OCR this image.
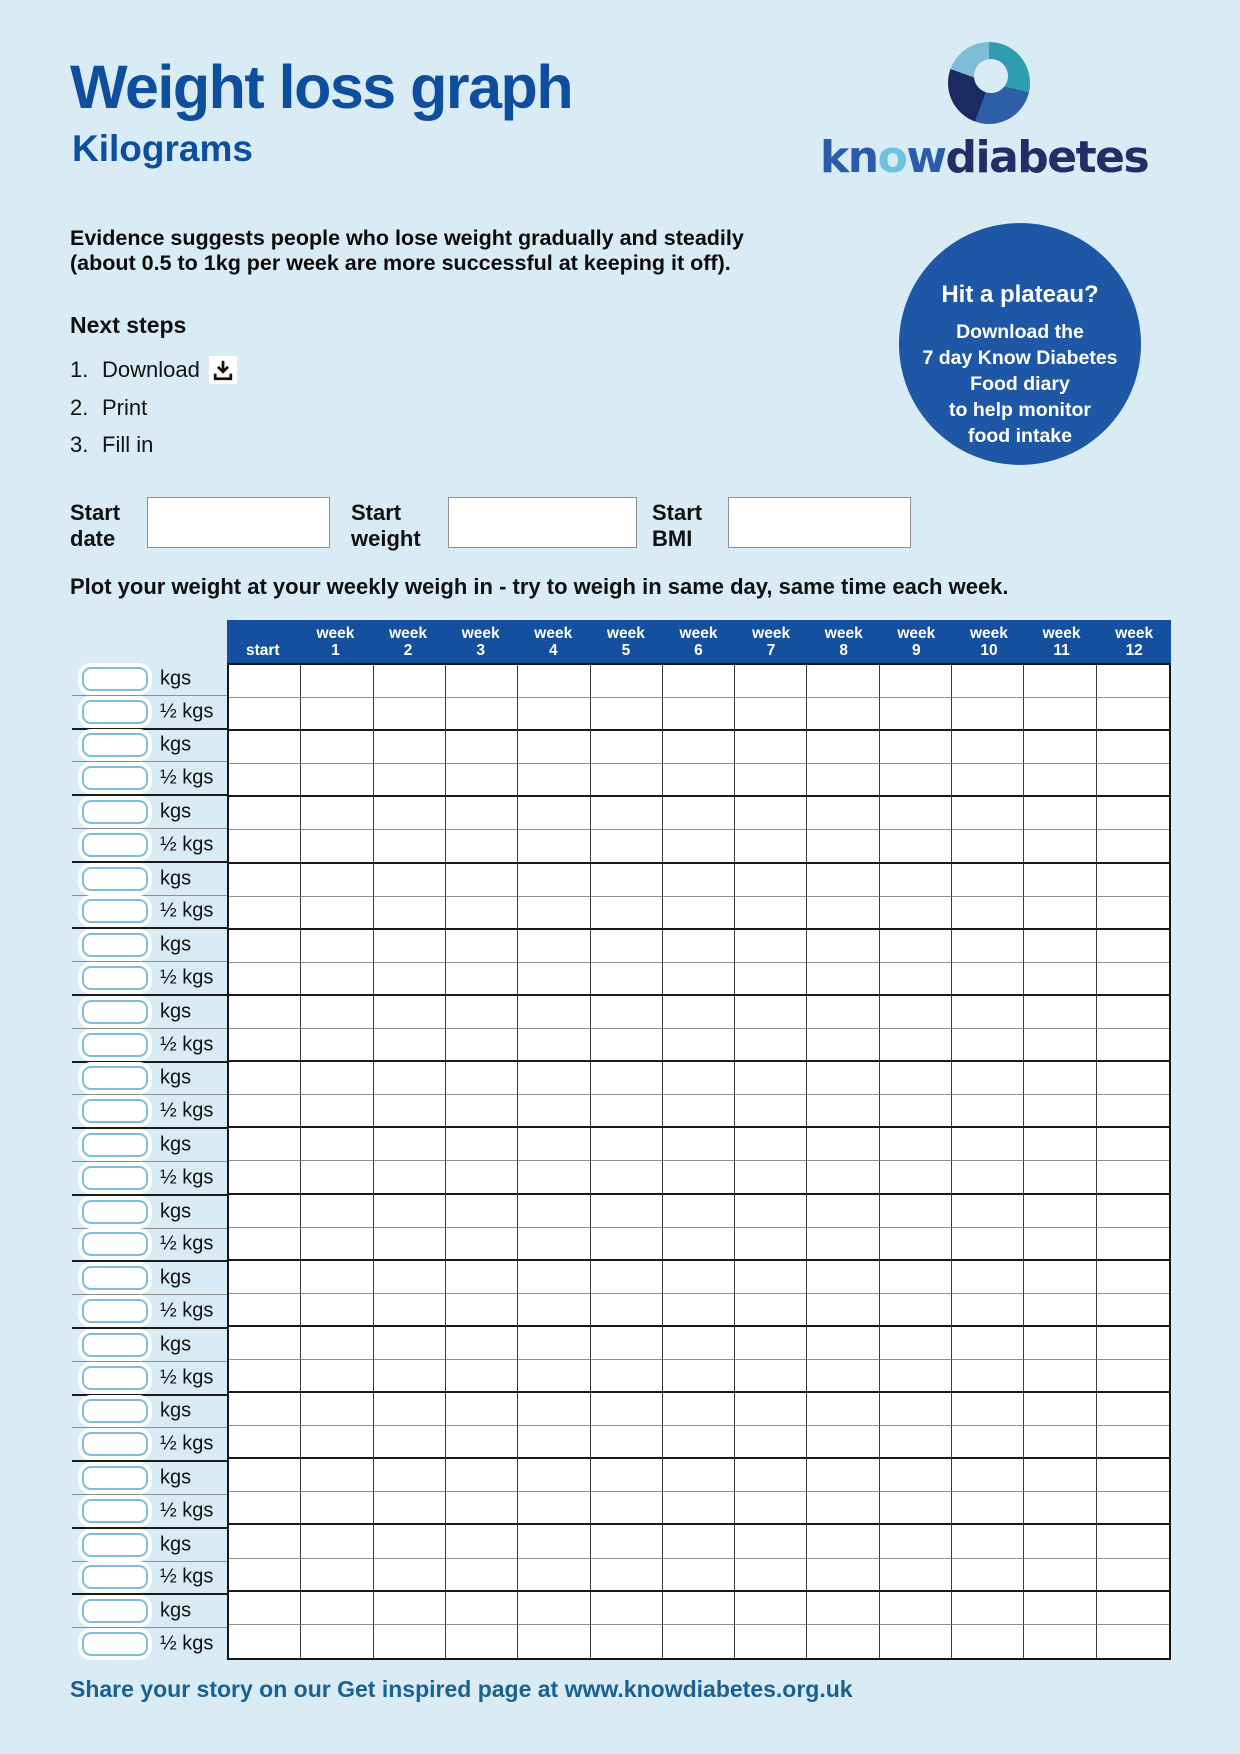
Weight loss graph
Kilograms	knowdiabetes

Evidence suggests people who lose weight gradually and steadily
(about 0.5 to 1kg per week are more successful at keeping it off).

Next steps
1. Download
2. Print
3. Fill in
Hit a plateau?
Download the
7 day Know Diabetes
Food diary
to help monitor
food intake

Start
date

Start
weight

Start
BMI

Plot your weight at your weekly weigh in - try to weigh in same day, same time each week.

start
week
1
week
2
week
3
week
4
week
5
week
6
week
7
week
8
week
9
week
10
week
11
week
12
kgs
½ kgs
kgs
½ kgs
kgs
½ kgs
kgs
½ kgs
kgs
½ kgs
kgs
½ kgs
kgs
½ kgs
kgs
½ kgs
kgs
½ kgs
kgs
½ kgs
kgs
½ kgs
kgs
½ kgs
kgs
½ kgs
kgs
½ kgs
kgs
½ kgs

Share your story on our Get inspired page at www.knowdiabetes.org.uk
